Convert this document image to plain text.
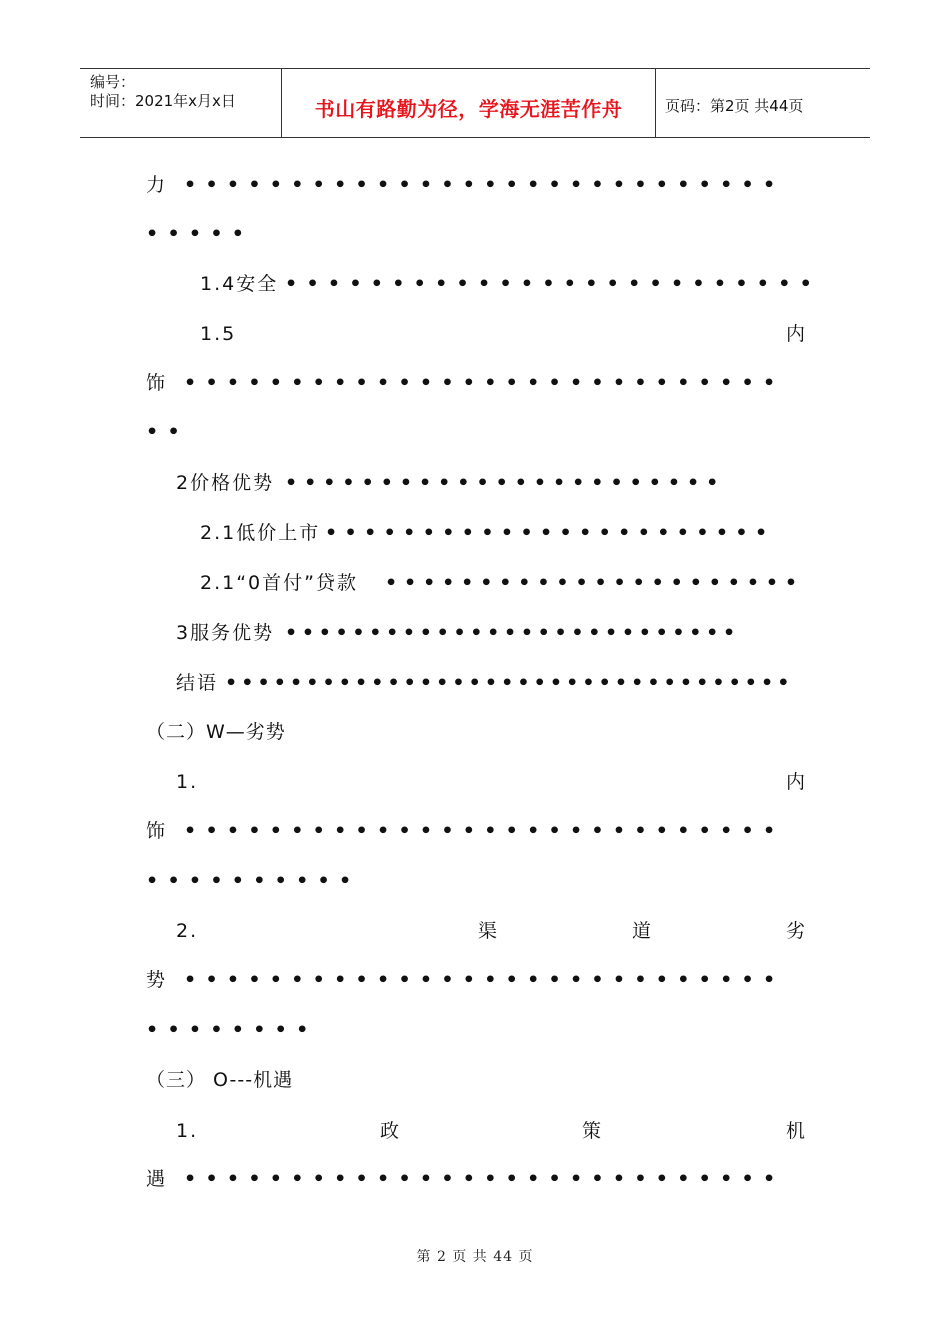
编号：
时间：2021年x月x日	书山有路勤为径，学海无涯苦作舟	页码：第2页 共44页
力 ••••••••••••••••••••••••••••
•••••
1.4安全 •••••••••••••••••••••••••
1.5	内
饰 ••••••••••••••••••••••••••••
••
2价格优势 •••••••••••••••••••••••
2.1低价上市 •••••••••••••••••••••••
2.1“0首付”贷款 ••••••••••••••••••••••
3服务优势 •••••••••••••••••••••••••••
结语 •••••••••••••••••••••••••••••••••••
（二）W—劣势
1.	内
饰 ••••••••••••••••••••••••••••
••••••••••
2.	渠	道	劣
势 ••••••••••••••••••••••••••••
••••••••
（三） O---机遇
1.	政	策	机
遇 ••••••••••••••••••••••••••••
第 2 页 共 44 页
